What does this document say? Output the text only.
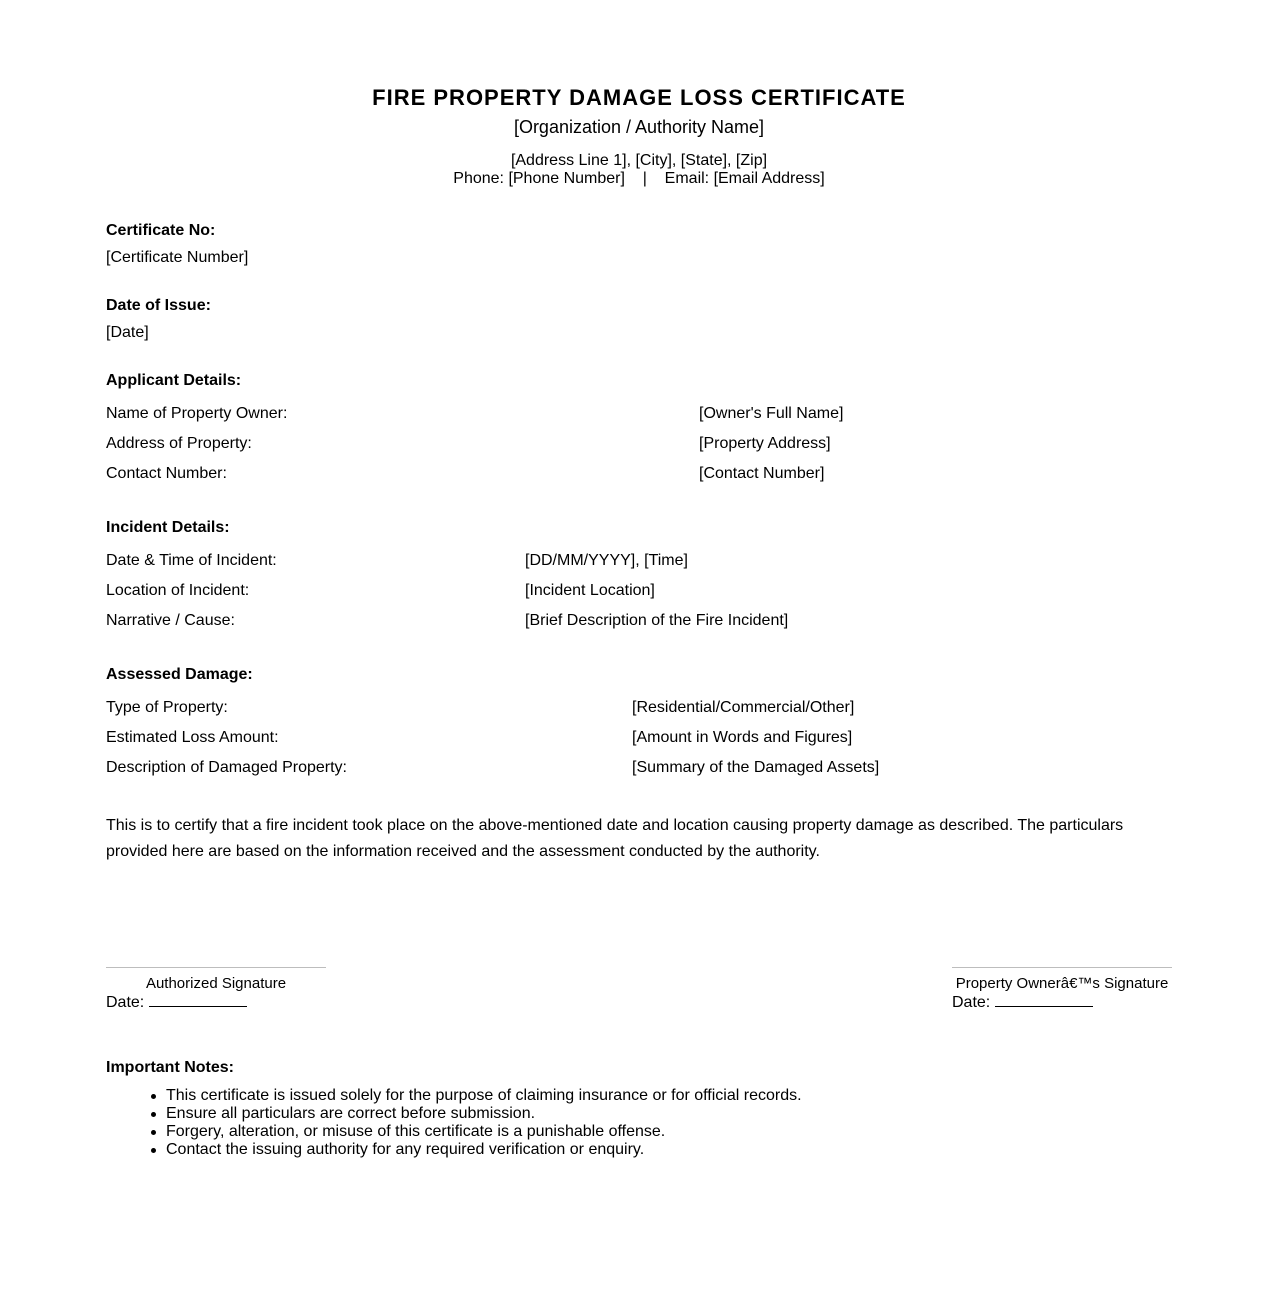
FIRE PROPERTY DAMAGE LOSS CERTIFICATE
[Organization / Authority Name]
[Address Line 1], [City], [State], [Zip]
Phone: [Phone Number]    |    Email: [Email Address]
Certificate No:
[Certificate Number]
Date of Issue:
[Date]
Applicant Details:
Name of Property Owner:	[Owner's Full Name]
Address of Property:	[Property Address]
Contact Number:	[Contact Number]
Incident Details:
Date & Time of Incident:	[DD/MM/YYYY], [Time]
Location of Incident:	[Incident Location]
Narrative / Cause:	[Brief Description of the Fire Incident]
Assessed Damage:
Type of Property:	[Residential/Commercial/Other]
Estimated Loss Amount:	[Amount in Words and Figures]
Description of Damaged Property:	[Summary of the Damaged Assets]
This is to certify that a fire incident took place on the above-mentioned date and location causing property damage as described. The particulars provided here are based on the information received and the assessment conducted by the authority.
Authorized Signature
Date:
Property Ownerâ€™s Signature
Date:
Important Notes:
This certificate is issued solely for the purpose of claiming insurance or for official records.
Ensure all particulars are correct before submission.
Forgery, alteration, or misuse of this certificate is a punishable offense.
Contact the issuing authority for any required verification or enquiry.
